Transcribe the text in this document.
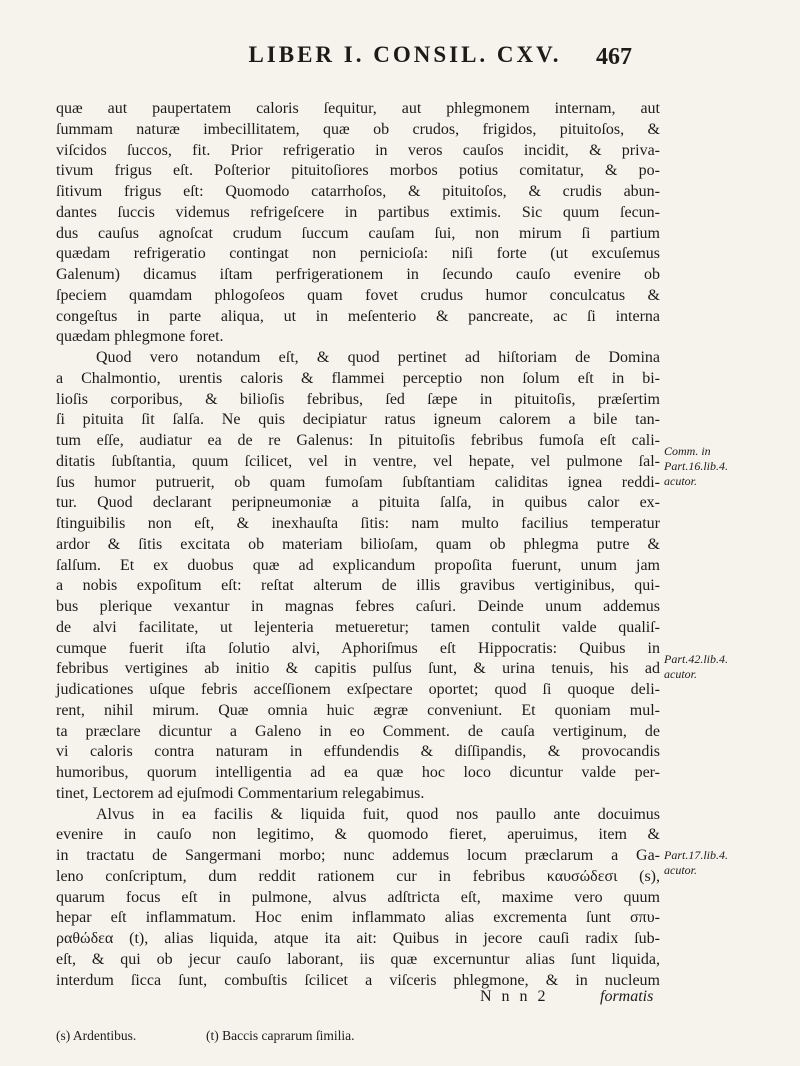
LIBER I. CONSIL. CXV.	467
quæ aut paupertatem caloris ſequitur, aut phlegmonem internam, aut
ſummam naturæ imbecillitatem, quæ ob crudos, frigidos, pituitoſos, &
viſcidos ſuccos, fit. Prior refrigeratio in veros cauſos incidit, & priva-
tivum frigus eſt. Poſterior pituitoſiores morbos potius comitatur, & po-
ſitivum frigus eſt: Quomodo catarrhoſos, & pituitoſos, & crudis abun-
dantes ſuccis videmus refrigeſcere in partibus extimis. Sic quum ſecun-
dus cauſus agnoſcat crudum ſuccum cauſam ſui, non mirum ſi partium
quædam refrigeratio contingat non pernicioſa: niſi forte (ut excuſemus
Galenum) dicamus iſtam perfrigerationem in ſecundo cauſo evenire ob
ſpeciem quamdam phlogoſeos quam fovet crudus humor conculcatus &
congeſtus in parte aliqua, ut in meſenterio & pancreate, ac ſi interna
quædam phlegmone foret.
Quod vero notandum eſt, & quod pertinet ad hiſtoriam de Domina
a Chalmontio, urentis caloris & flammei perceptio non ſolum eſt in bi-
lioſis corporibus, & bilioſis febribus, ſed ſæpe in pituitoſis, præſertim
ſi pituita ſit ſalſa. Ne quis decipiatur ratus igneum calorem a bile tan-
tum eſſe, audiatur ea de re Galenus: In pituitoſis febribus fumoſa eſt cali-
ditatis ſubſtantia, quum ſcilicet, vel in ventre, vel hepate, vel pulmone ſal-
ſus humor putruerit, ob quam fumoſam ſubſtantiam caliditas ignea reddi-
tur. Quod declarant peripneumoniæ a pituita ſalſa, in quibus calor ex-
ſtinguibilis non eſt, & inexhauſta ſitis: nam multo facilius temperatur
ardor & ſitis excitata ob materiam bilioſam, quam ob phlegma putre &
ſalſum. Et ex duobus quæ ad explicandum propoſita fuerunt, unum jam
a nobis expoſitum eſt: reſtat alterum de illis gravibus vertiginibus, qui-
bus plerique vexantur in magnas febres caſuri. Deinde unum addemus
de alvi facilitate, ut lejenteria metueretur; tamen contulit valde qualiſ-
cumque fuerit iſta ſolutio alvi, Aphoriſmus eſt Hippocratis: Quibus in
febribus vertigines ab initio & capitis pulſus ſunt, & urina tenuis, his ad
judicationes uſque febris acceſſionem exſpectare oportet; quod ſi quoque deli-
rent, nihil mirum. Quæ omnia huic ægræ conveniunt. Et quoniam mul-
ta præclare dicuntur a Galeno in eo Comment. de cauſa vertiginum, de
vi caloris contra naturam in effundendis & diſſipandis, & provocandis
humoribus, quorum intelligentia ad ea quæ hoc loco dicuntur valde per-
tinet, Lectorem ad ejuſmodi Commentarium relegabimus.
Alvus in ea facilis & liquida fuit, quod nos paullo ante docuimus
evenire in cauſo non legitimo, & quomodo fieret, aperuimus, item &
in tractatu de Sangermani morbo; nunc addemus locum præclarum a Ga-
leno conſcriptum, dum reddit rationem cur in febribus καυσώδεσι (s),
quarum focus eſt in pulmone, alvus adſtricta eſt, maxime vero quum
hepar eſt inflammatum. Hoc enim inflammato alias excrementa ſunt σπυ-
ραθώδεα (t), alias liquida, atque ita ait: Quibus in jecore cauſi radix ſub-
eſt, & qui ob jecur cauſo laborant, iis quæ excernuntur alias ſunt liquida,
interdum ſicca ſunt, combuſtis ſcilicet a viſceris phlegmone, & in nucleum
Comm. in
Part.16.lib.4.
acutor.
Part.42.lib.4.
acutor.
Part.17.lib.4.
acutor.
N n n 2	formatis
(s) Ardentibus.	(t) Baccis caprarum ſimilia.
